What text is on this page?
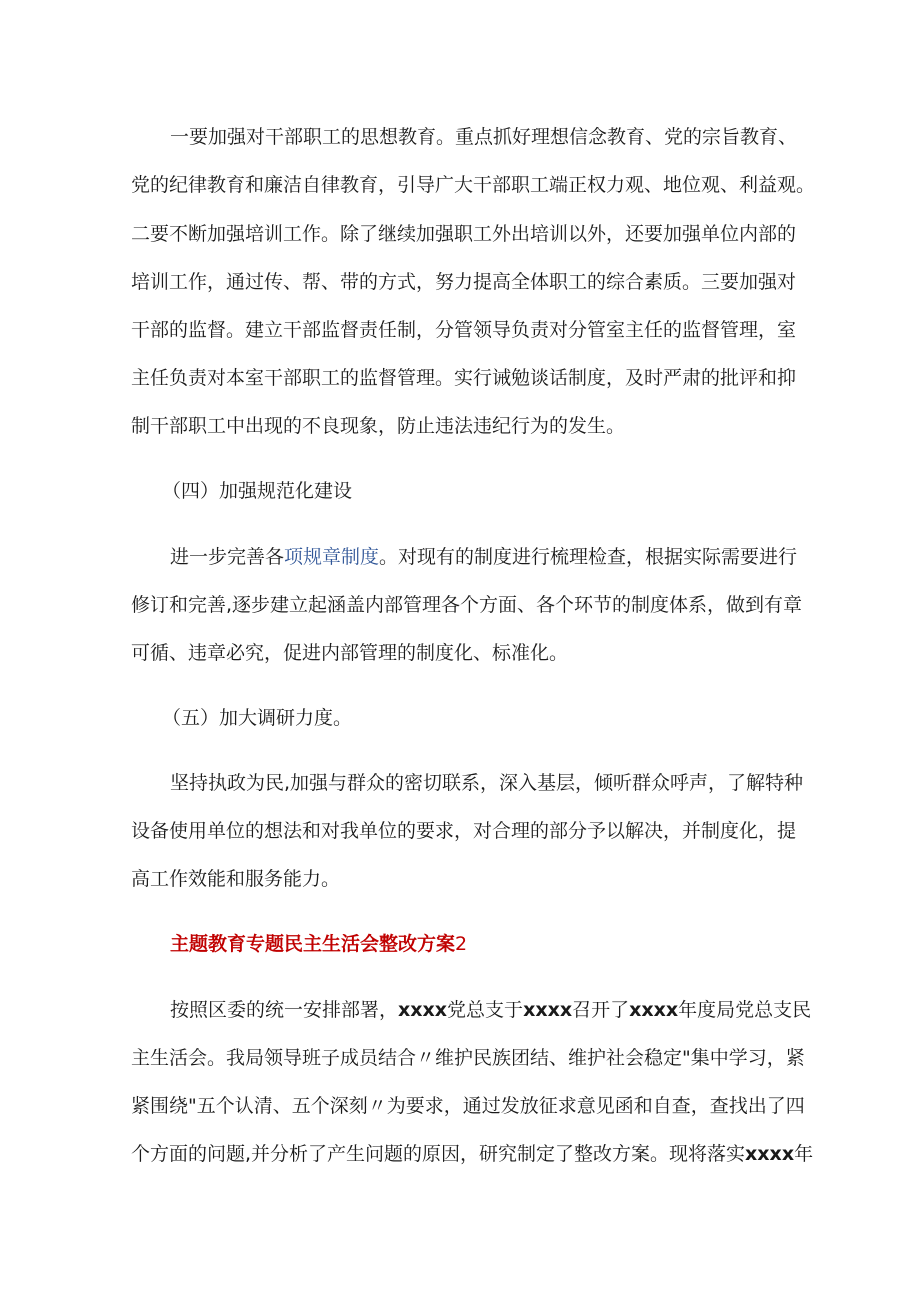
一要加强对干部职工的思想教育。重点抓好理想信念教育、党的宗旨教育、
党的纪律教育和廉洁自律教育，引导广大干部职工端正权力观、地位观、利益观。
二要不断加强培训工作。除了继续加强职工外出培训以外，还要加强单位内部的
培训工作，通过传、帮、带的方式，努力提高全体职工的综合素质。三要加强对
干部的监督。建立干部监督责任制，分管领导负责对分管室主任的监督管理，室
主任负责对本室干部职工的监督管理。实行诫勉谈话制度，及时严肃的批评和抑
制干部职工中出现的不良现象，防止违法违纪行为的发生。
（四）加强规范化建设
进一步完善各项规章制度。对现有的制度进行梳理检查，根据实际需要进行
修订和完善,逐步建立起涵盖内部管理各个方面、各个环节的制度体系，做到有章
可循、违章必究，促进内部管理的制度化、标准化。
（五）加大调研力度。
坚持执政为民,加强与群众的密切联系，深入基层，倾听群众呼声，了解特种
设备使用单位的想法和对我单位的要求，对合理的部分予以解决，并制度化，提
高工作效能和服务能力。
主题教育专题民主生活会整改方案2
按照区委的统一安排部署，xxxx党总支于xxxx召开了xxxx年度局党总支民
主生活会。我局领导班子成员结合〃维护民族团结、维护社会稳定"集中学习，紧
紧围绕"五个认清、五个深刻〃为要求，通过发放征求意见函和自查，查找出了四
个方面的问题,并分析了产生问题的原因，研究制定了整改方案。现将落实xxxx年
